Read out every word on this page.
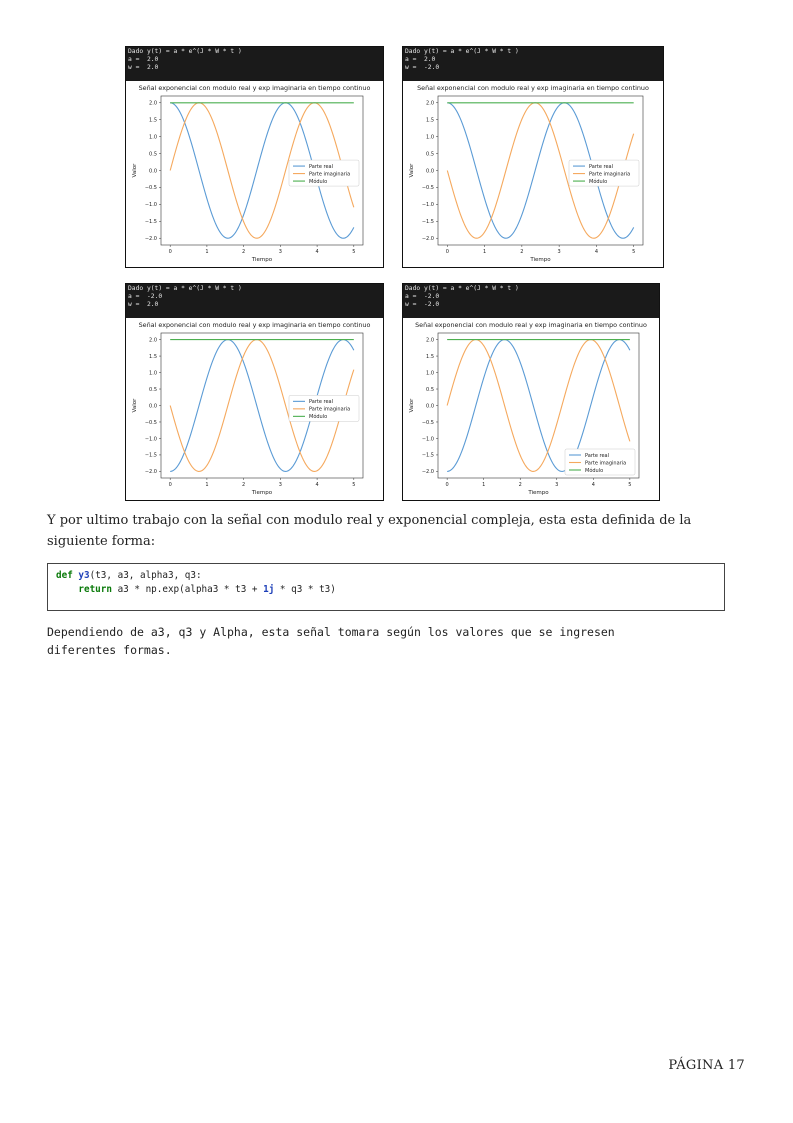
Dado y(t) = a * e^(J * W * t )
a =  2.0
w =  2.0
Señal exponencial con modulo real y exp imaginaria en tiempo continuo
2.0
1.5
1.0
0.5
0.0
−0.5
−1.0
−1.5
−2.0
0	1	2	3	4	5
Tiempo
Valor	Parte real
Parte imaginaria
Módulo
Dado y(t) = a * e^(J * W * t )
a =  2.0
w =  -2.0
Señal exponencial con modulo real y exp imaginaria en tiempo continuo
2.0
1.5
1.0
0.5
0.0
−0.5
−1.0
−1.5
−2.0
0	1	2	3	4	5
Tiempo
Valor	Parte real
Parte imaginaria
Módulo
Dado y(t) = a * e^(J * W * t )
a =  -2.0
w =  2.0
Señal exponencial con modulo real y exp imaginaria en tiempo continuo
2.0
1.5
1.0
0.5
0.0
−0.5
−1.0
−1.5
−2.0
0	1	2	3	4	5
Tiempo
Valor	Parte real
Parte imaginaria
Módulo
Dado y(t) = a * e^(J * W * t )
a =  -2.0
w =  -2.0
Señal exponencial con modulo real y exp imaginaria en tiempo continuo
2.0
1.5
1.0
0.5
0.0
−0.5
−1.0
−1.5
−2.0
0	1	2	3	4	5
Tiempo
Valor
Parte real
Parte imaginaria
Módulo

Y por ultimo trabajo con la señal con modulo real y exponencial compleja, esta esta definida de la siguiente forma:

def y3(t3, a3, alpha3, q3:
return a3 * np.exp(alpha3 * t3 + 1j * q3 * t3)

Dependiendo de a3, q3 y Alpha, esta señal tomara según los valores que se ingresen
diferentes formas.

PÁGINA 17
